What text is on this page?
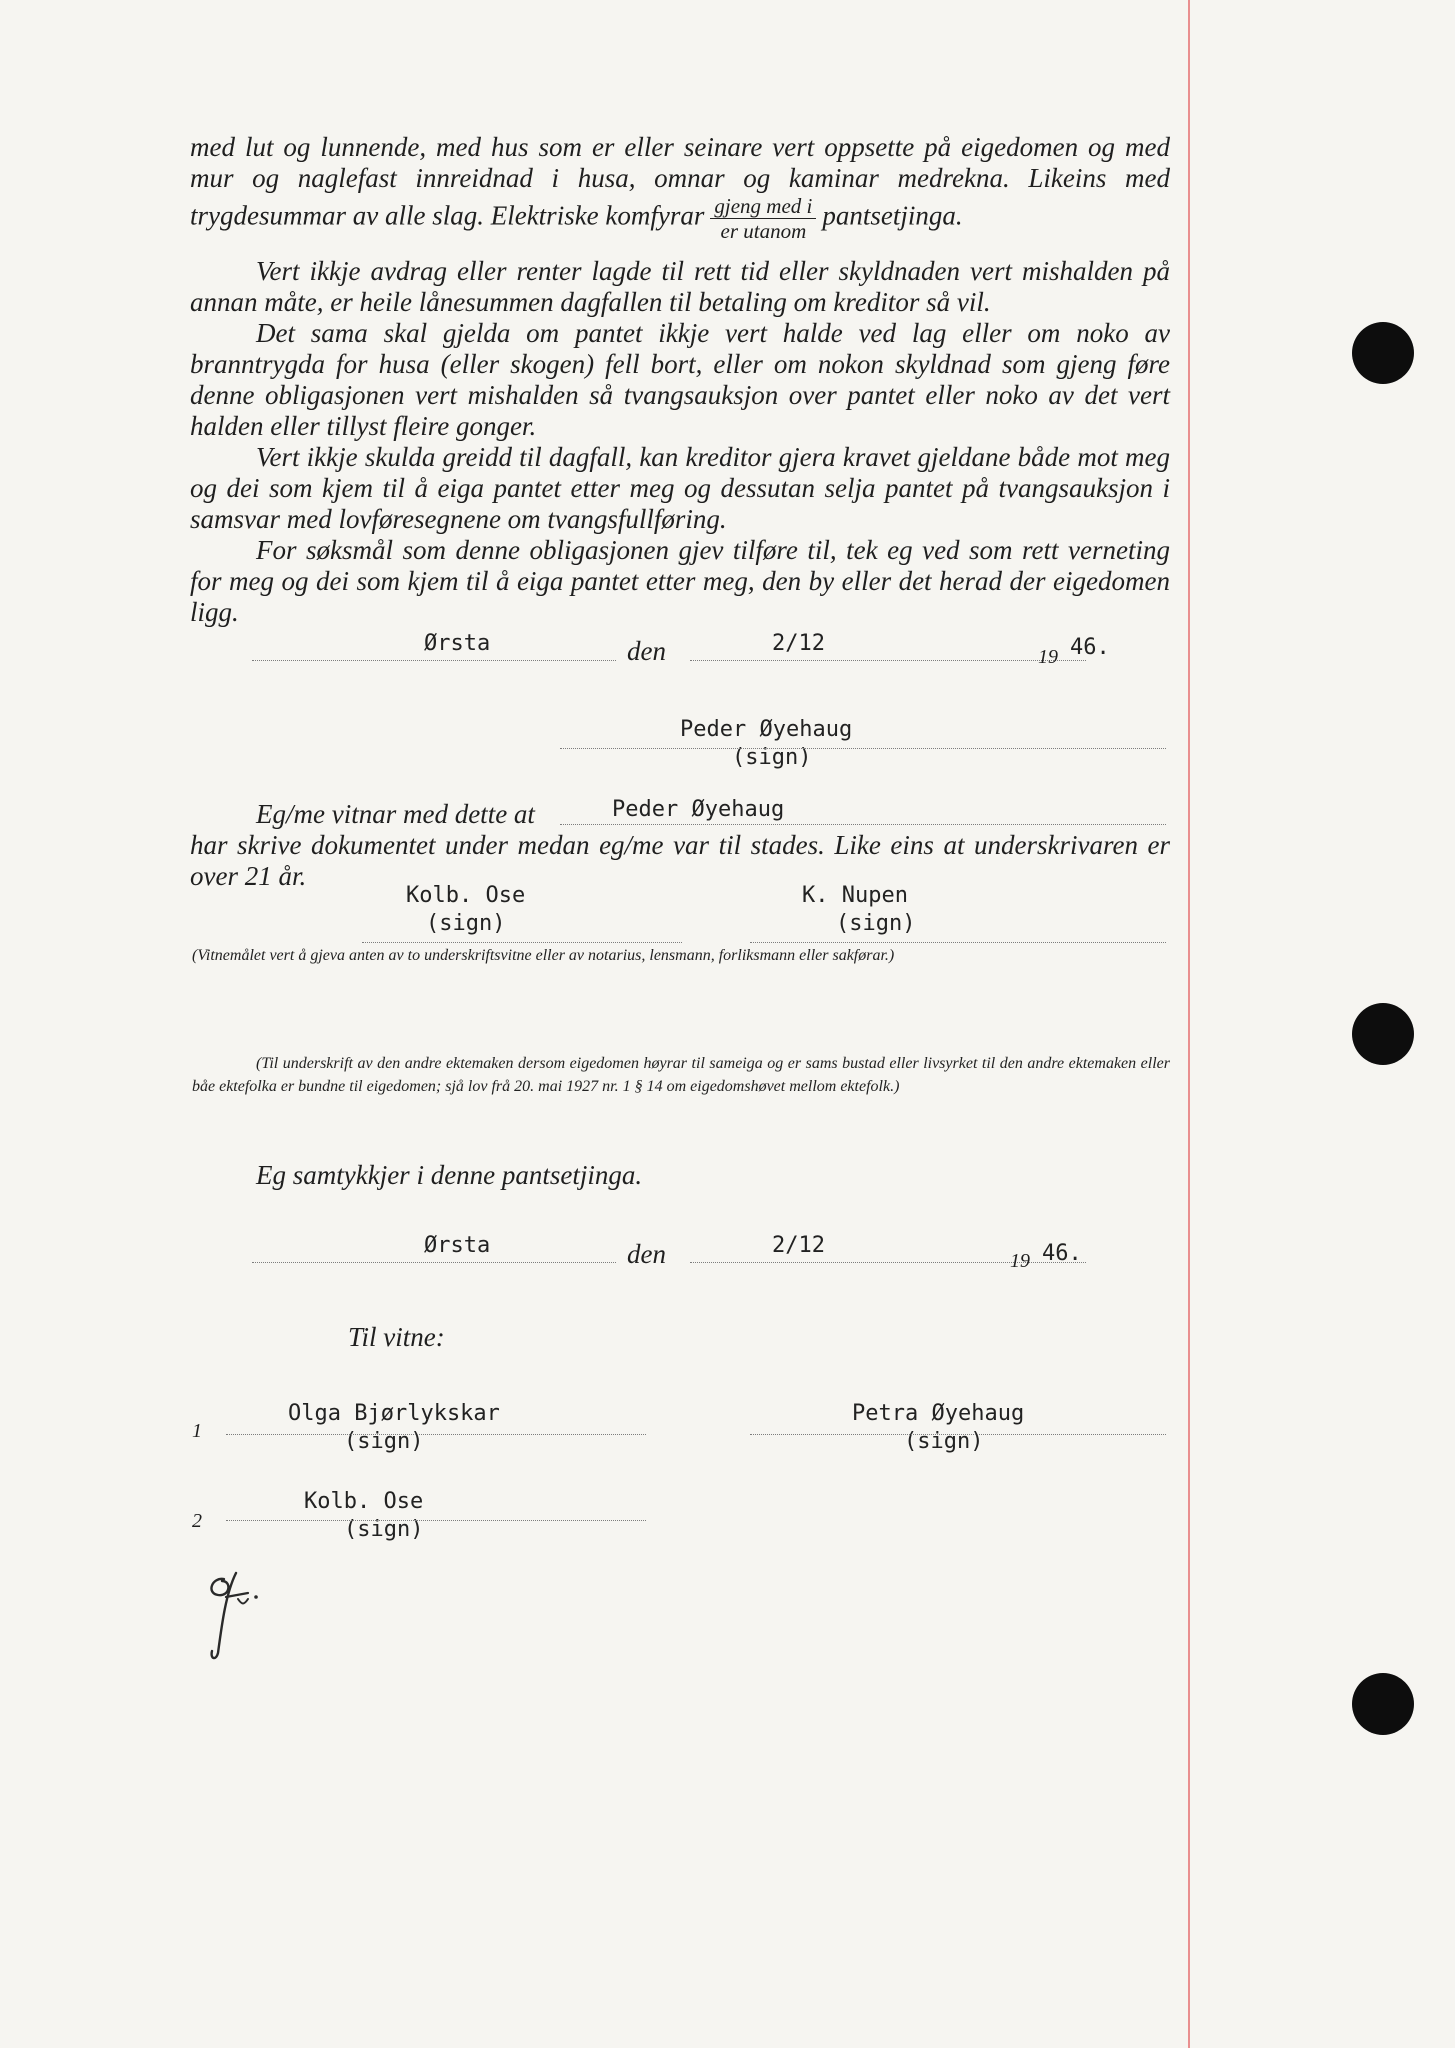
med lut og lunnende, med hus som er eller seinare vert oppsette på eigedomen og med mur og naglefast innreidnad i husa, omnar og kaminar medrekna. Likeins med trygdesummar av alle slag. Elektriske komfyrar $\frac{\text{gjeng med i}}{\text{er utanom}}$ pantsetjinga.

Vert ikkje avdrag eller renter lagde til rett tid eller skyldnaden vert mishalden på annan måte, er heile lånesummen dagfallen til betaling om kreditor så vil.

Det sama skal gjelda om pantet ikkje vert halde ved lag eller om noko av branntrygda for husa (eller skogen) fell bort, eller om nokon skyldnad som gjeng føre denne obligasjonen vert mishalden så tvangsauksjon over pantet eller noko av det vert halden eller tillyst fleire gonger.

Vert ikkje skulda greidd til dagfall, kan kreditor gjera kravet gjeldane både mot meg og dei som kjem til å eiga pantet etter meg og dessutan selja pantet på tvangsauksjon i samsvar med lovføresegnene om tvangsfullføring.

For søksmål som denne obligasjonen gjev tilføre til, tek eg ved som rett verneting for meg og dei som kjem til å eiga pantet etter meg, den by eller det herad der eigedomen ligg.

Ørsta	den	2/12
19 46.
Peder Øyehaug
(sign)
Eg/me vitnar med dette at	Peder Øyehaug

har skrive dokumentet under medan eg/me var til stades. Like eins at underskrivaren er over 21 år.

Kolb. Ose
(sign)
K. Nupen
(sign)
(Vitnemålet vert å gjeva anten av to underskriftsvitne eller av notarius, lensmann, forliksmann eller sakførar.)
(Til underskrift av den andre ektemaken dersom eigedomen høyrar til sameiga og er sams bustad eller livsyrket til den andre ektemaken eller båe ektefolka er bundne til eigedomen; sjå lov frå 20. mai 1927 nr. 1 § 14 om eigedomshøvet mellom ektefolk.)
Eg samtykkjer i denne pantsetjinga.
Ørsta	den	2/12
19 46.
Til vitne:
1
Olga Bjørlykskar
(sign)
2
Kolb. Ose
(sign)
Petra Øyehaug
(sign)
